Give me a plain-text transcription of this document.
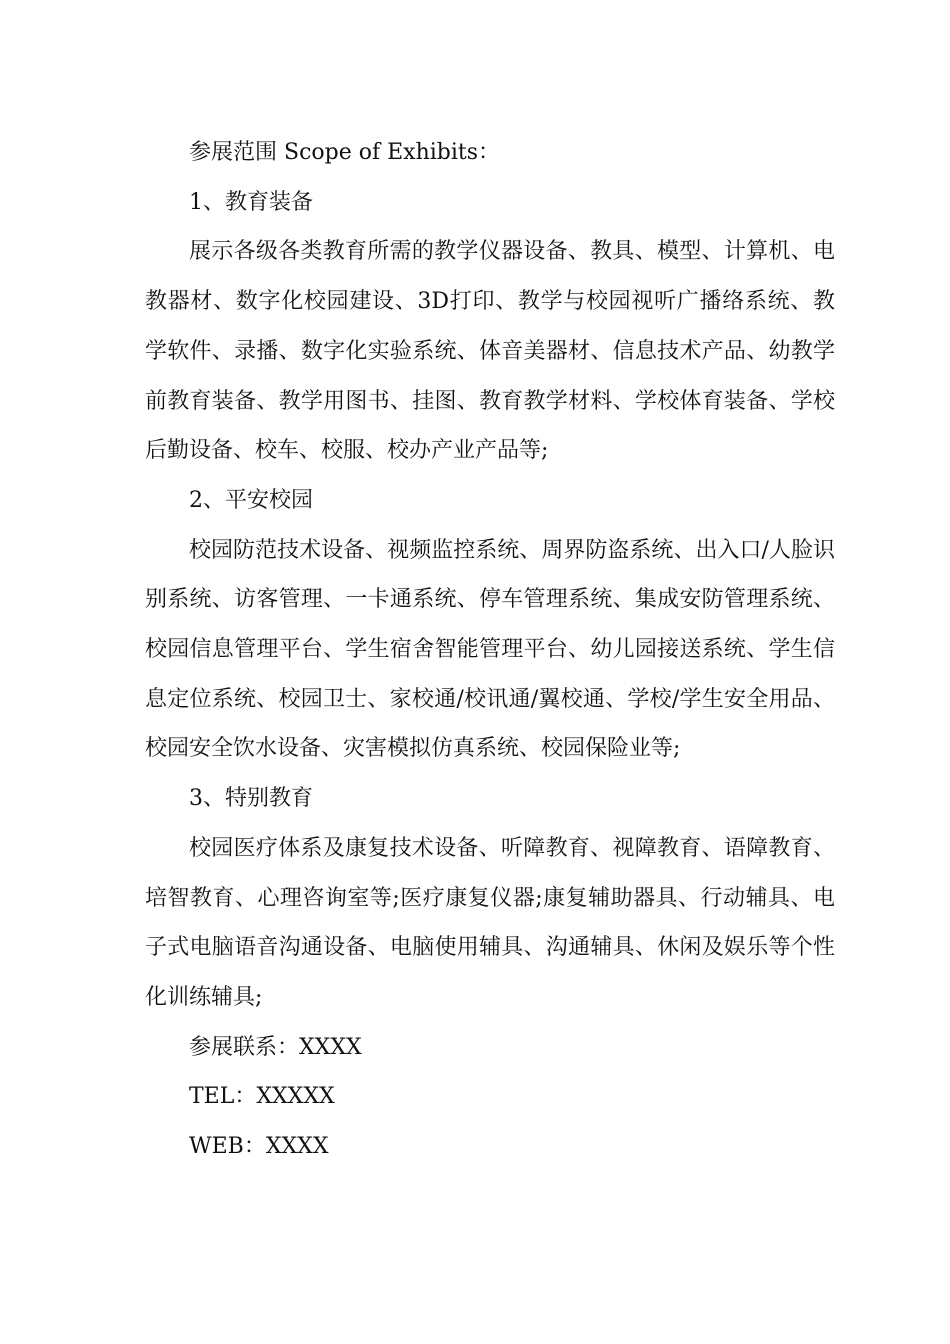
参展范围 Scope of Exhibits：

1、教育装备

展示各级各类教育所需的教学仪器设备、教具、模型、计算机、电教器材、数字化校园建设、3D打印、教学与校园视听广播络系统、教学软件、录播、数字化实验系统、体音美器材、信息技术产品、幼教学前教育装备、教学用图书、挂图、教育教学材料、学校体育装备、学校后勤设备、校车、校服、校办产业产品等;

2、平安校园

校园防范技术设备、视频监控系统、周界防盗系统、出入口/人脸识别系统、访客管理、一卡通系统、停车管理系统、集成安防管理系统、校园信息管理平台、学生宿舍智能管理平台、幼儿园接送系统、学生信息定位系统、校园卫士、家校通/校讯通/翼校通、学校/学生安全用品、校园安全饮水设备、灾害模拟仿真系统、校园保险业等;

3、特别教育

校园医疗体系及康复技术设备、听障教育、视障教育、语障教育、培智教育、心理咨询室等;医疗康复仪器;康复辅助器具、行动辅具、电子式电脑语音沟通设备、电脑使用辅具、沟通辅具、休闲及娱乐等个性化训练辅具;

参展联系：XXXX

TEL：XXXXX

WEB：XXXX
